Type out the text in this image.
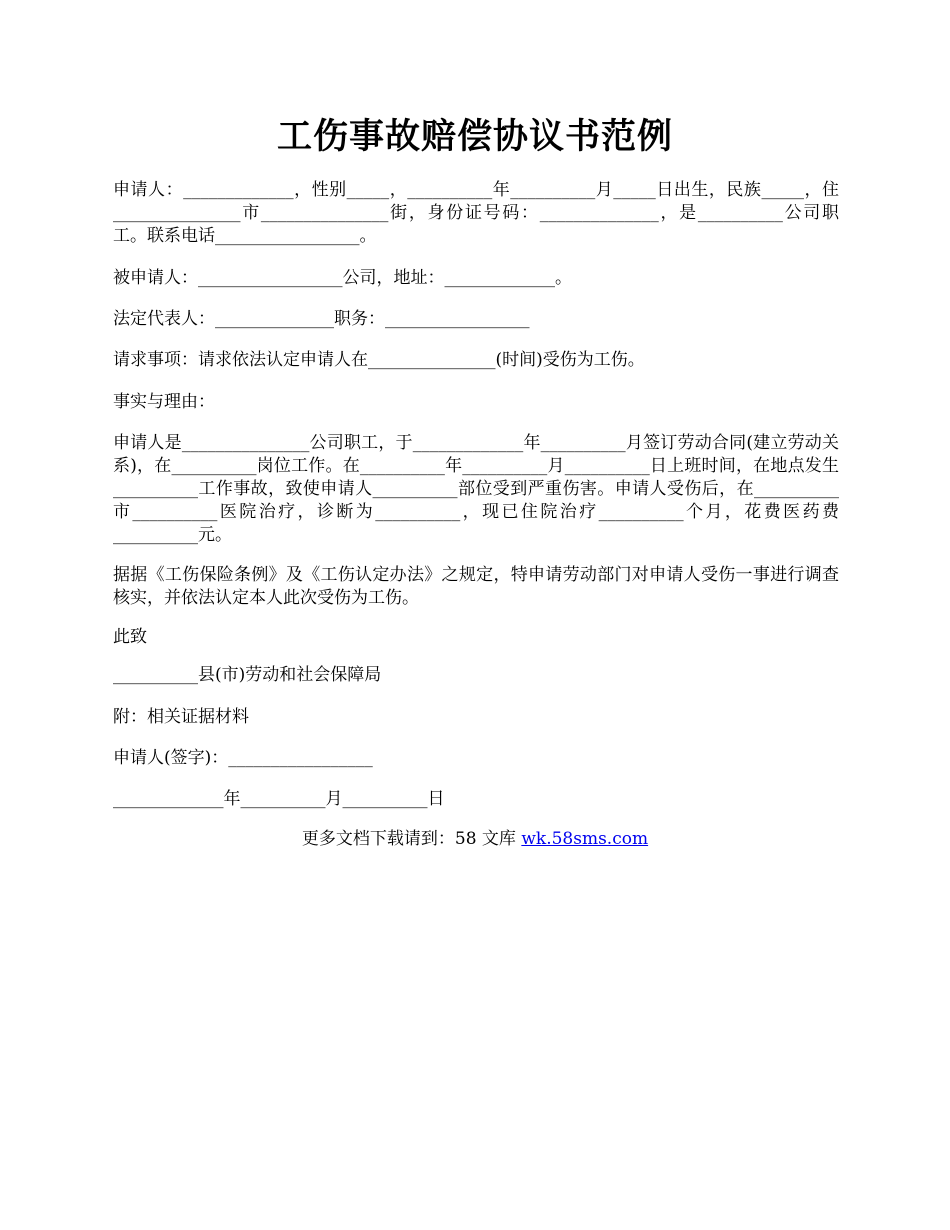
工伤事故赔偿协议书范例

申请人：_____________，性别_____，__________年__________月_____日出生，民族_____，住_______________市_______________街，身份证号码：______________，是__________公司职工。联系电话_________________。

被申请人：_________________公司，地址：_____________。

法定代表人：______________职务：_________________

请求事项：请求依法认定申请人在_______________(时间)受伤为工伤。

事实与理由：

申请人是_______________公司职工，于_____________年__________月签订劳动合同(建立劳动关系)，在__________岗位工作。在__________年__________月__________日上班时间，在地点发生__________工作事故，致使申请人__________部位受到严重伤害。申请人受伤后，在__________市__________医院治疗，诊断为__________，现已住院治疗__________个月，花费医药费__________元。

据据《工伤保险条例》及《工伤认定办法》之规定，特申请劳动部门对申请人受伤一事进行调查核实，并依法认定本人此次受伤为工伤。

此致

__________县(市)劳动和社会保障局

附：相关证据材料

申请人(签字)：_________________

_____________年__________月__________日

更多文档下载请到：58 文库 wk.58sms.com
